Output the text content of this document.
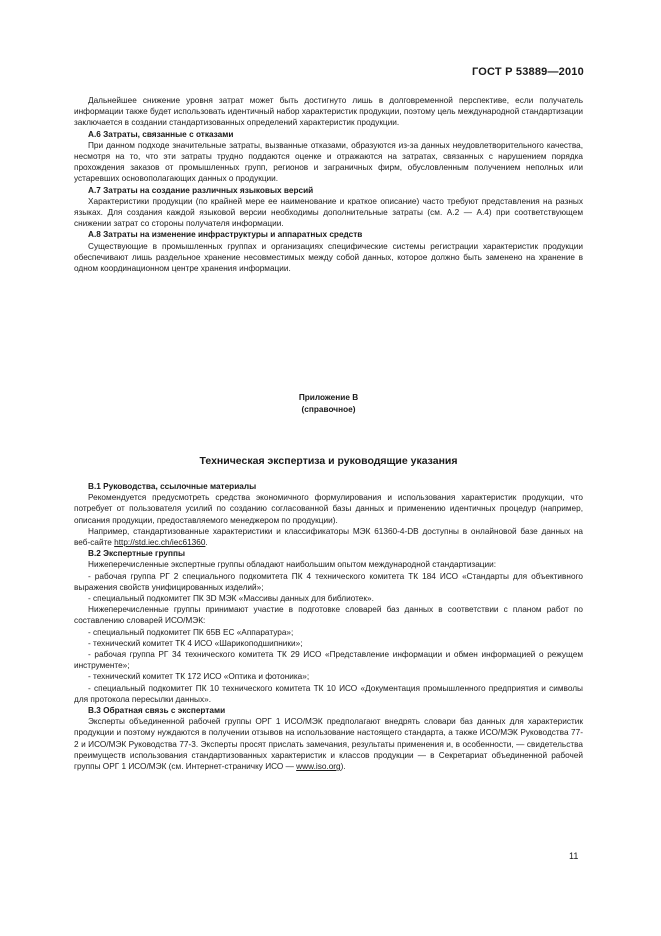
ГОСТ Р 53889—2010

Дальнейшее снижение уровня затрат может быть достигнуто лишь в долговременной перспективе, если получатель информации также будет использовать идентичный набор характеристик продукции, поэтому цель международной стандартизации заключается в создании стандартизованных определений характеристик продукции.

А.6 Затраты, связанные с отказами

При данном подходе значительные затраты, вызванные отказами, образуются из-за данных неудовлетворительного качества, несмотря на то, что эти затраты трудно поддаются оценке и отражаются на затратах, связанных с нарушением порядка прохождения заказов от промышленных групп, регионов и заграничных фирм, обусловленным получением неполных или устаревших основополагающих данных о продукции.

А.7 Затраты на создание различных языковых версий

Характеристики продукции (по крайней мере ее наименование и краткое описание) часто требуют представления на разных языках. Для создания каждой языковой версии необходимы дополнительные затраты (см. А.2 — А.4) при соответствующем снижении затрат со стороны получателя информации.

А.8 Затраты на изменение инфраструктуры и аппаратных средств

Существующие в промышленных группах и организациях специфические системы регистрации характеристик продукции обеспечивают лишь раздельное хранение несовместимых между собой данных, которое должно быть заменено на хранение в одном координационном центре хранения информации.

Приложение В
(справочное)
Техническая экспертиза и руководящие указания

В.1 Руководства, ссылочные материалы

Рекомендуется предусмотреть средства экономичного формулирования и использования характеристик продукции, что потребует от пользователя усилий по созданию согласованной базы данных и применению идентичных процедур (например, описания продукции, предоставляемого менеджером по продукции).

Например, стандартизованные характеристики и классификаторы МЭК 61360-4-DB доступны в онлайновой базе данных на веб-сайте http://std.iec.ch/iec61360.

В.2 Экспертные группы

Нижеперечисленные экспертные группы обладают наибольшим опытом международной стандартизации:

- рабочая группа РГ 2 специального подкомитета ПК 4 технического комитета ТК 184 ИСО «Стандарты для объективного выражения свойств унифицированных изделий»;

- специальный подкомитет ПК 3D МЭК «Массивы данных для библиотек».

Нижеперечисленные группы принимают участие в подготовке словарей баз данных в соответствии с планом работ по составлению словарей ИСО/МЭК:

- специальный подкомитет ПК 65В ЕС «Аппаратура»;

- технический комитет ТК 4 ИСО «Шарикоподшипники»;

- рабочая группа РГ 34 технического комитета ТК 29 ИСО «Представление информации и обмен информацией о режущем инструменте»;

- технический комитет ТК 172 ИСО «Оптика и фотоника»;

- специальный подкомитет ПК 10 технического комитета ТК 10 ИСО «Документация промышленного предприятия и символы для протокола пересылки данных».

В.3 Обратная связь с экспертами

Эксперты объединенной рабочей группы ОРГ 1 ИСО/МЭК предполагают внедрять словари баз данных для характеристик продукции и поэтому нуждаются в получении отзывов на использование настоящего стандарта, а также ИСО/МЭК Руководства 77-2 и ИСО/МЭК Руководства 77-3. Эксперты просят прислать замечания, результаты применения и, в особенности, — свидетельства преимуществ использования стандартизованных характеристик и классов продукции — в Секретариат объединенной рабочей группы ОРГ 1 ИСО/МЭК (см. Интернет-страничку ИСО — www.iso.org).

11
